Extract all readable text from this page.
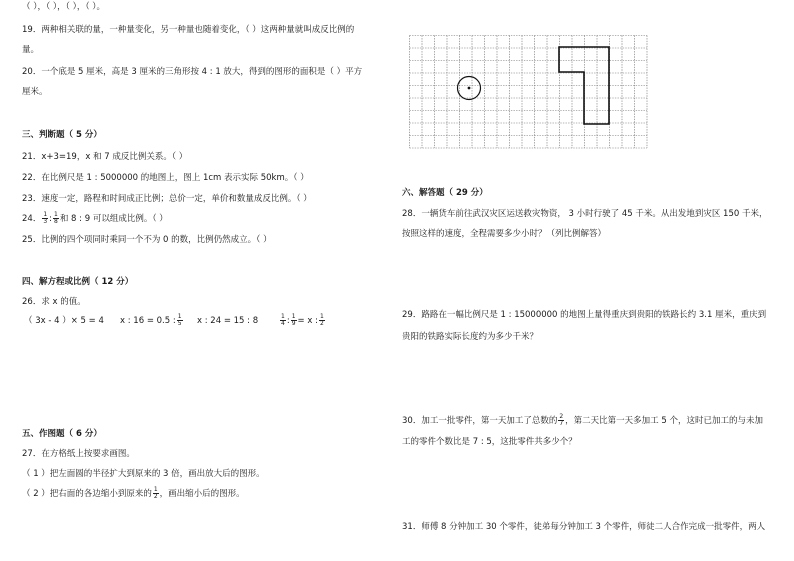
（ ），（ ），（ ），（ ）。
19．两种相关联的量，一种量变化，另一种量也随着变化，（ ）这两种量就叫成反比例的
量。
20．一个底是 5 厘米，高是 3 厘米的三角形按 4 : 1 放大，得到的图形的面积是（ ）平方
厘米。
三、判断题（ 5 分）
21．x+3=19，x 和 7 成反比例关系。（ ）
22．在比例尺是 1 : 5000000 的地图上，图上 1cm 表示实际 50km。（ ）
23．速度一定，路程和时间成正比例；总价一定，单价和数量成反比例。（ ）
24． $\frac{1}{3}$ : $\frac{1}{8}$ 和 8 : 9 可以组成比例。（ ）
25．比例的四个项同时乘同一个不为 0 的数，比例仍然成立。（ ）
四、解方程或比例（ 12 分）
26．求 x 的值。
（ 3x - 4 ）× 5 = 4 x : 16 = 0.5 : $\frac{1}{5}$ x : 24 = 15 : 8	$\frac{1}{4}$ : $\frac{1}{9} = x$ : $\frac{1}{2}$
五、作图题（ 6 分）
27．在方格纸上按要求画图。
（ 1 ）把左面圆的半径扩大到原来的 3 倍，画出放大后的图形。
（ 2 ）把右面的各边缩小到原来的 $\frac{1}{2}$ ，画出缩小后的图形。
六、解答题（ 29 分）
28．一辆货车前往武汉灾区运送救灾物资， 3 小时行驶了 45 千米。从出发地到灾区 150 千米，
按照这样的速度，全程需要多少小时？（列比例解答）
29．路路在一幅比例尺是 1 : 15000000 的地图上量得重庆到贵阳的铁路长约 3.1 厘米，重庆到
贵阳的铁路实际长度约为多少千米？
30．加工一批零件，第一天加工了总数的 $\frac{2}{7}$ ，第二天比第一天多加工 5 个，这时已加工的与未加
工的零件个数比是 7 : 5，这批零件共多少个？
31．师傅 8 分钟加工 30 个零件，徒弟每分钟加工 3 个零件，师徒二人合作完成一批零件，两人
